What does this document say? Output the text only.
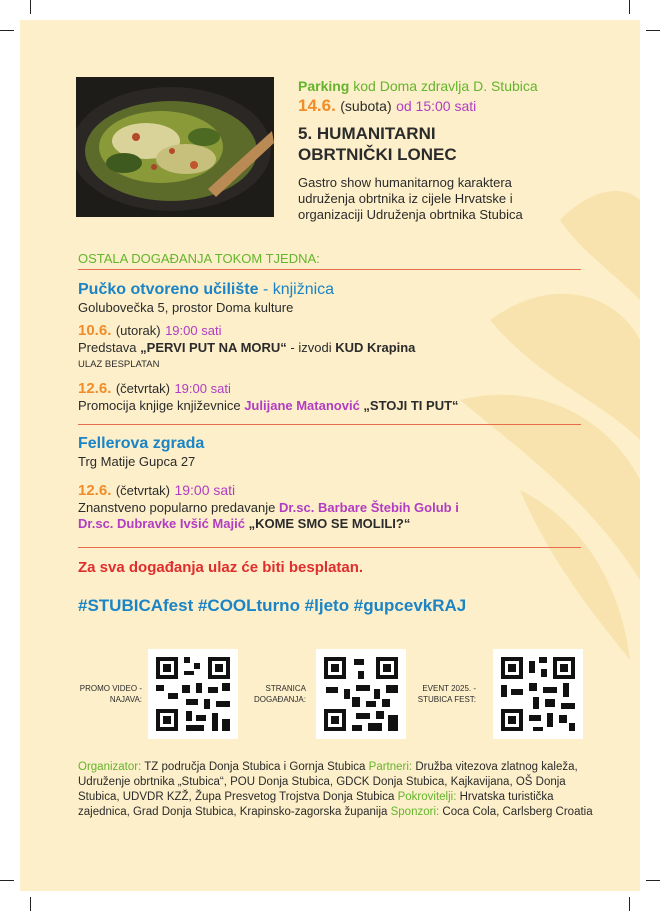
Parking kod Doma zdravlja D. Stubica
14.6. (subota) od 15:00 sati
5. HUMANITARNI
OBRTNIČKI LONEC
Gastro show humanitarnog karaktera
udruženja obrtnika iz cijele Hrvatske i
organizaciji Udruženja obrtnika Stubica
OSTALA DOGAĐANJA TOKOM TJEDNA:
Pučko otvoreno učilište - knjižnica
Golubovečka 5, prostor Doma kulture
10.6. (utorak) 19:00 sati
Predstava „PERVI PUT NA MORU“ - izvodi KUD Krapina
ULAZ BESPLATAN
12.6. (četvrtak) 19:00 sati
Promocija knjige književnice Julijane Matanović „STOJI TI PUT“
Fellerova zgrada
Trg Matije Gupca 27
12.6. (četvrtak) 19:00 sati
Znanstveno popularno predavanje Dr.sc. Barbare Štebih Golub i
Dr.sc. Dubravke Ivšić Majić „KOME SMO SE MOLILI?“
Za sva događanja ulaz će biti besplatan.
#STUBICAfest #COOLturno #ljeto #gupcevkRAJ
PROMO VIDEO -
NAJAVA:
STRANICA
DOGAĐANJA:
EVENT 2025. -
STUBICA FEST:
Organizator: TZ područja Donja Stubica i Gornja Stubica Partneri: Družba vitezova zlatnog kaleža, Udruženje obrtnika „Stubica“, POU Donja Stubica, GDCK Donja Stubica, Kajkavijana, OŠ Donja Stubica, UDVDR KZŽ, Župa Presvetog Trojstva Donja Stubica Pokrovitelji: Hrvatska turistička zajednica, Grad Donja Stubica, Krapinsko-zagorska županija Sponzori: Coca Cola, Carlsberg Croatia
